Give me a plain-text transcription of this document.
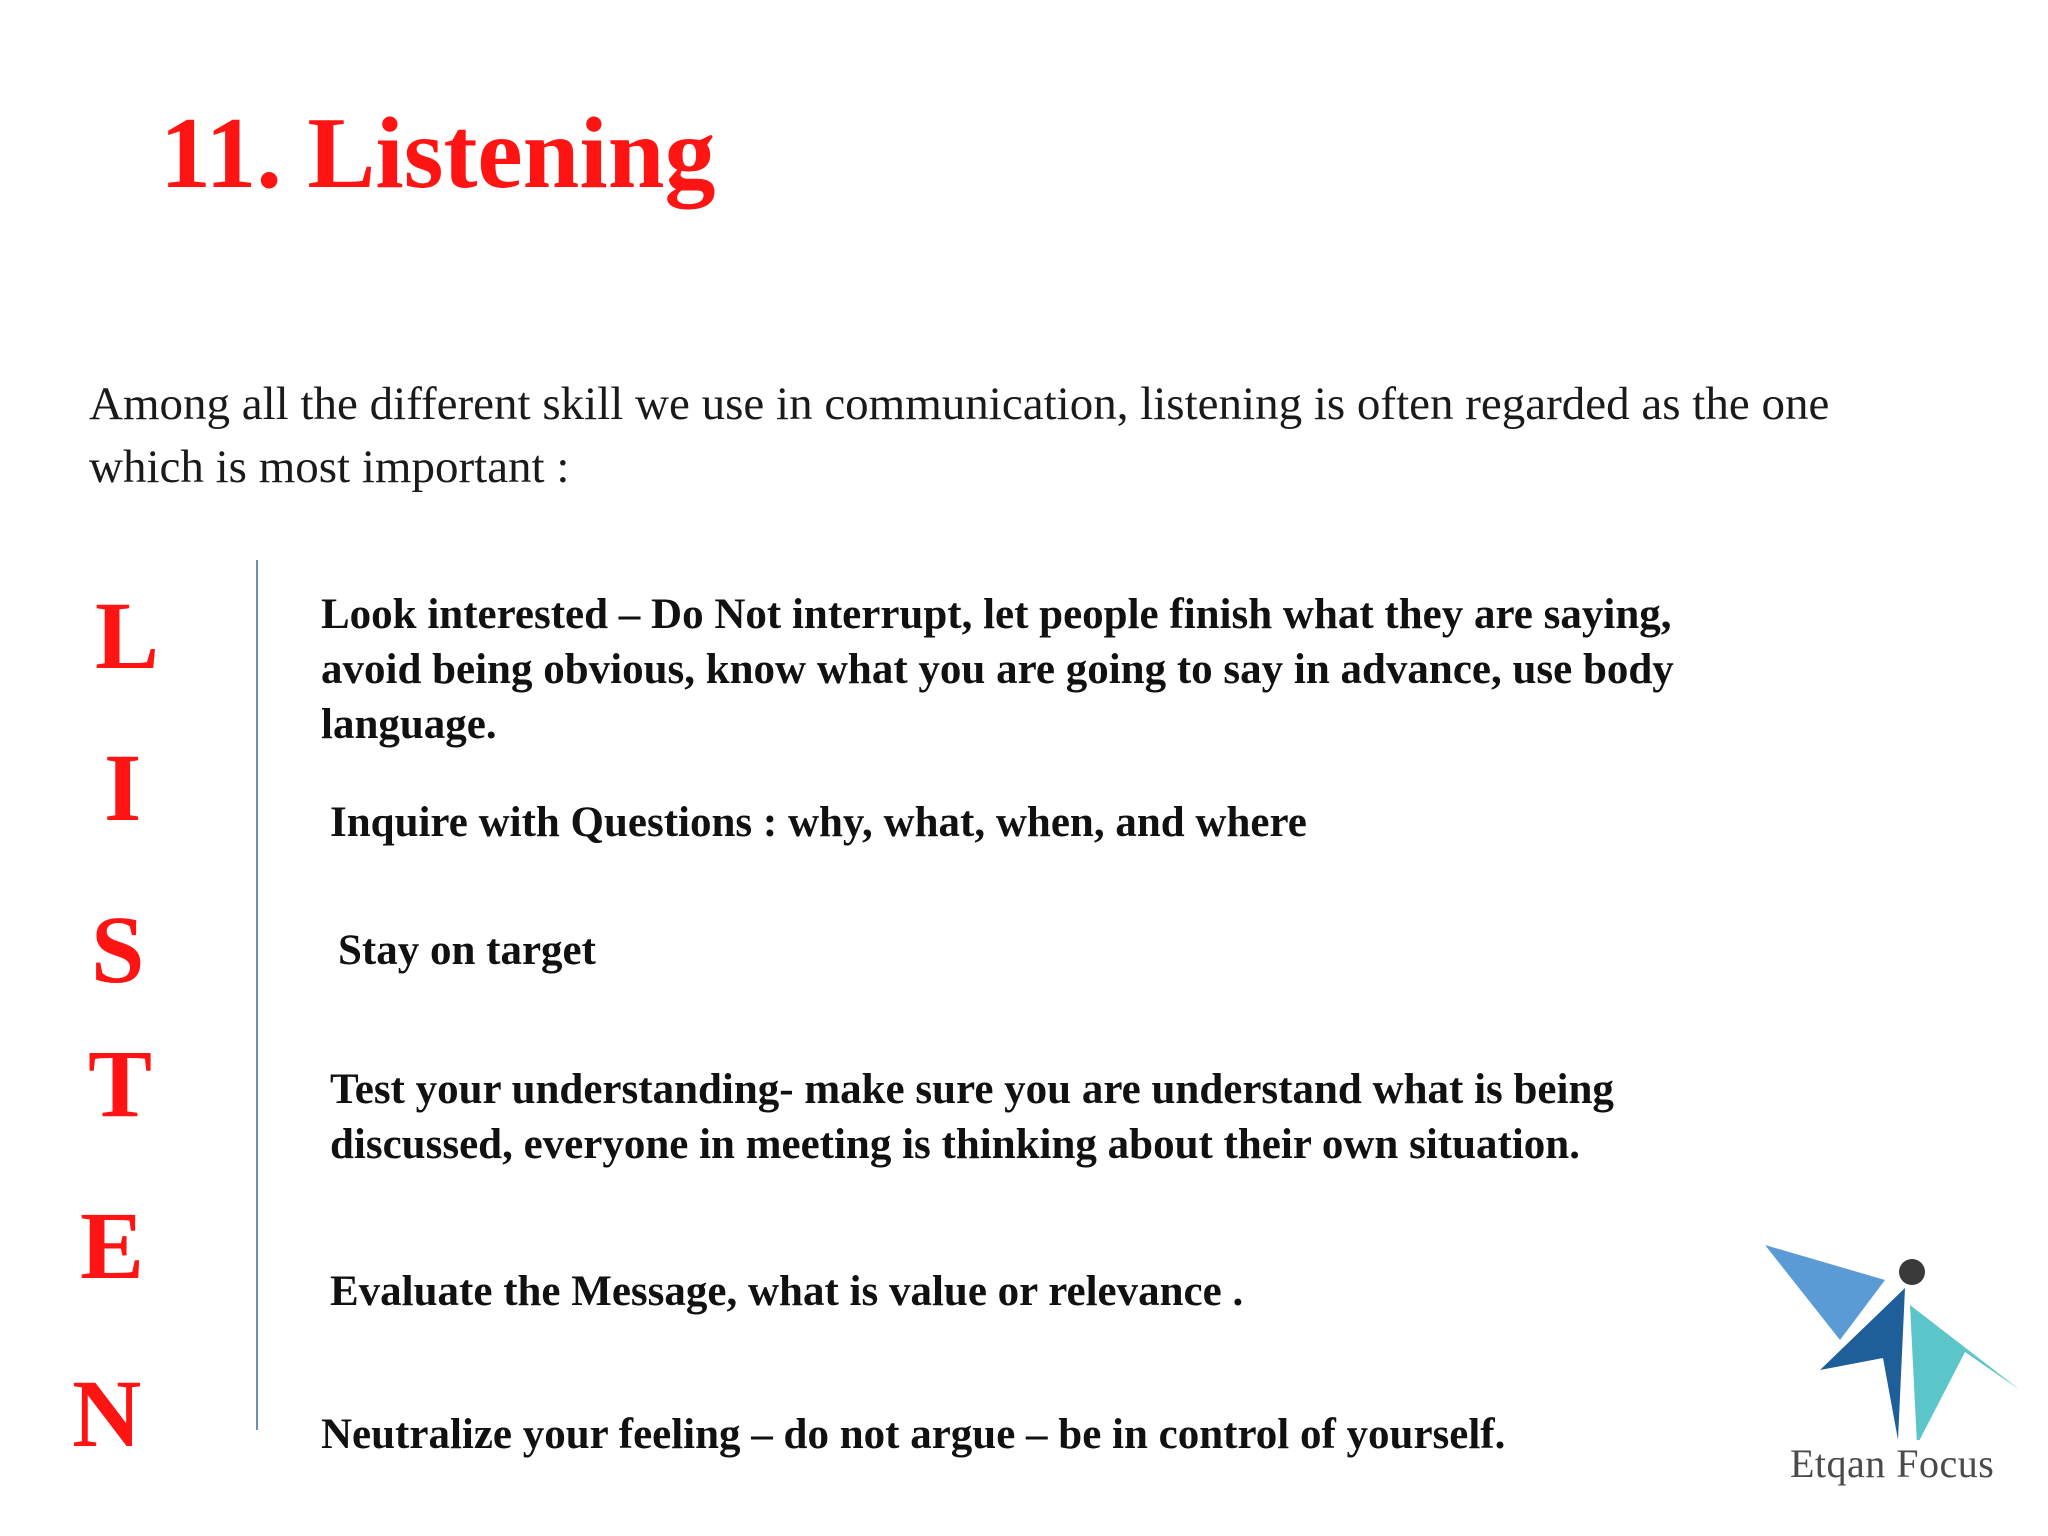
11. Listening

Among all the different skill we use in communication, listening is often regarded as the one which is most important :

L
I
S
T
E
N

Look interested – Do Not interrupt, let people finish what they are saying, avoid being obvious, know what you are going to say in advance, use body language.

Inquire with Questions : why, what, when, and where

Stay on target

Test your understanding- make sure you are understand what is being discussed, everyone in meeting is thinking about their own situation.

Evaluate the Message, what is value or relevance .

Neutralize your feeling – do not argue – be in control of yourself.

Etqan Focus
